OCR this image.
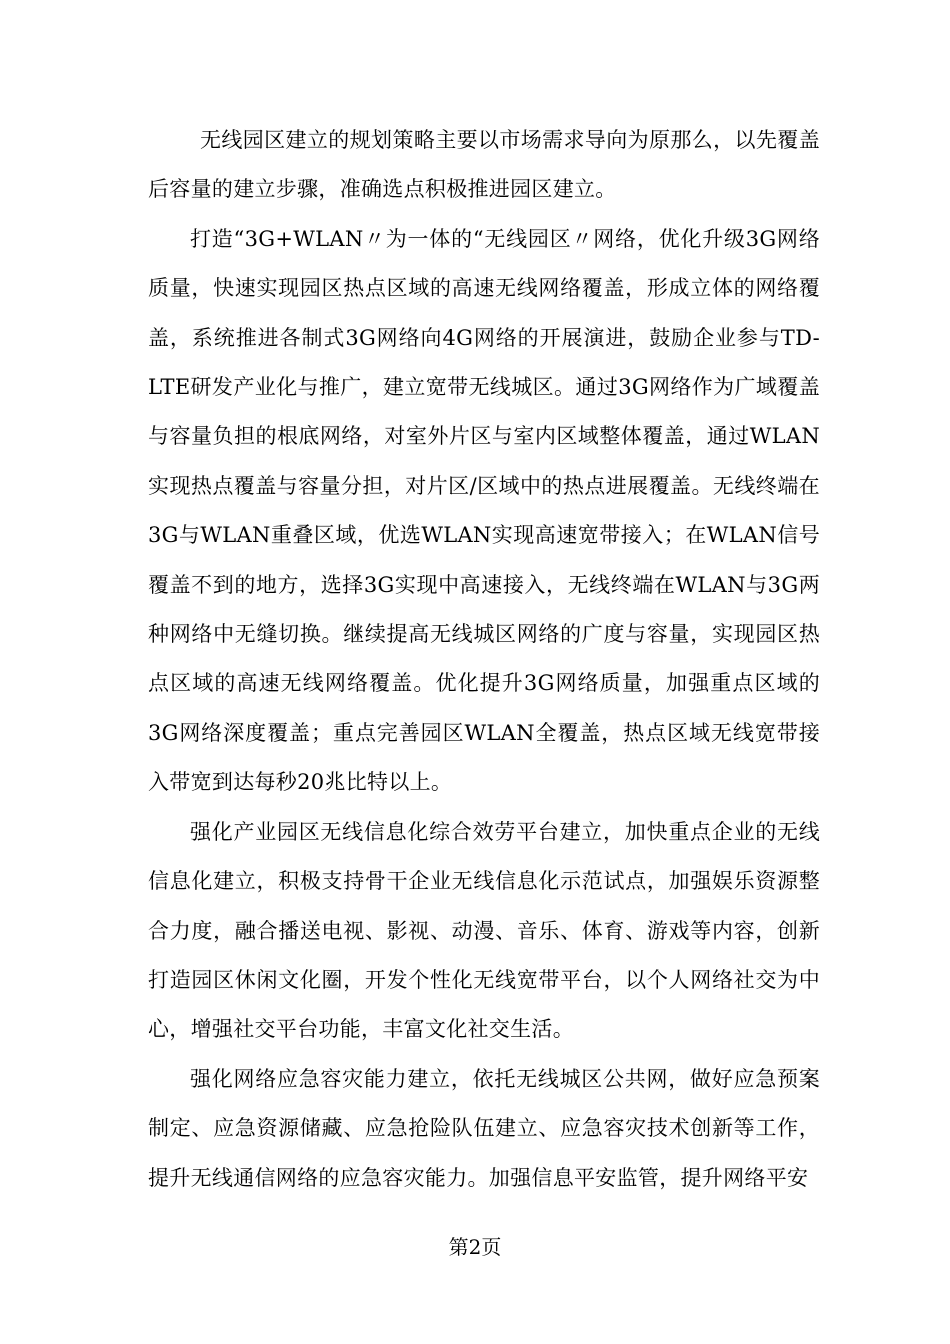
无线园区建立的规划策略主要以市场需求导向为原那么，以先覆盖后容量的建立步骤，准确选点积极推进园区建立。

打造“3G+WLAN〃为一体的“无线园区〃网络，优化升级3G网络质量，快速实现园区热点区域的高速无线网络覆盖，形成立体的网络覆盖，系统推进各制式3G网络向4G网络的开展演进，鼓励企业参与TD-LTE研发产业化与推广，建立宽带无线城区。通过3G网络作为广域覆盖与容量负担的根底网络，对室外片区与室内区域整体覆盖，通过WLAN实现热点覆盖与容量分担，对片区/区域中的热点进展覆盖。无线终端在3G与WLAN重叠区域，优选WLAN实现高速宽带接入；在WLAN信号覆盖不到的地方，选择3G实现中高速接入，无线终端在WLAN与3G两种网络中无缝切换。继续提高无线城区网络的广度与容量，实现园区热点区域的高速无线网络覆盖。优化提升3G网络质量，加强重点区域的3G网络深度覆盖；重点完善园区WLAN全覆盖，热点区域无线宽带接入带宽到达每秒20兆比特以上。

强化产业园区无线信息化综合效劳平台建立，加快重点企业的无线信息化建立，积极支持骨干企业无线信息化示范试点，加强娱乐资源整合力度，融合播送电视、影视、动漫、音乐、体育、游戏等内容，创新打造园区休闲文化圈，开发个性化无线宽带平台，以个人网络社交为中心，增强社交平台功能，丰富文化社交生活。

强化网络应急容灾能力建立，依托无线城区公共网，做好应急预案制定、应急资源储藏、应急抢险队伍建立、应急容灾技术创新等工作，提升无线通信网络的应急容灾能力。加强信息平安监管，提升网络平安

第2页
